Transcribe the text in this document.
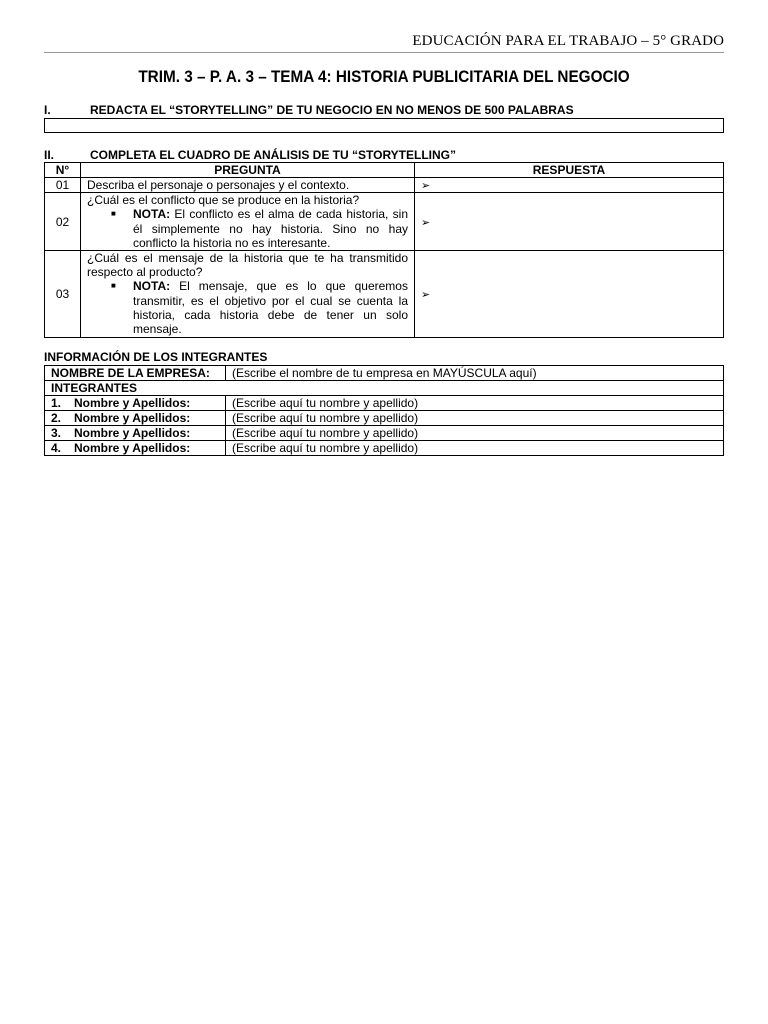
EDUCACIÓN PARA EL TRABAJO – 5° GRADO
TRIM. 3 – P. A. 3 – TEMA 4: HISTORIA PUBLICITARIA DEL NEGOCIO
I.	REDACTA EL “STORYTELLING” DE TU NEGOCIO EN NO MENOS DE 500 PALABRAS
II.	COMPLETA EL CUADRO DE ANÁLISIS DE TU “STORYTELLING”
N°	PREGUNTA	RESPUESTA
01	Describa el personaje o personajes y el contexto.	➢
02	¿Cuál es el conflicto que se produce en la historia?
■ NOTA: El conflicto es el alma de cada historia, sin él simplemente no hay historia. Sino no hay conflicto la historia no es interesante.	➢
03	¿Cuál es el mensaje de la historia que te ha transmitido respecto al producto?
■ NOTA: El mensaje, que es lo que queremos transmitir, es el objetivo por el cual se cuenta la historia, cada historia debe de tener un solo mensaje.	➢
INFORMACIÓN DE LOS INTEGRANTES
NOMBRE DE LA EMPRESA:	(Escribe el nombre de tu empresa en MAYÚSCULA aquí)
INTEGRANTES	
1. Nombre y Apellidos:	(Escribe aquí tu nombre y apellido)
2. Nombre y Apellidos:	(Escribe aquí tu nombre y apellido)
3. Nombre y Apellidos:	(Escribe aquí tu nombre y apellido)
4. Nombre y Apellidos:	(Escribe aquí tu nombre y apellido)
